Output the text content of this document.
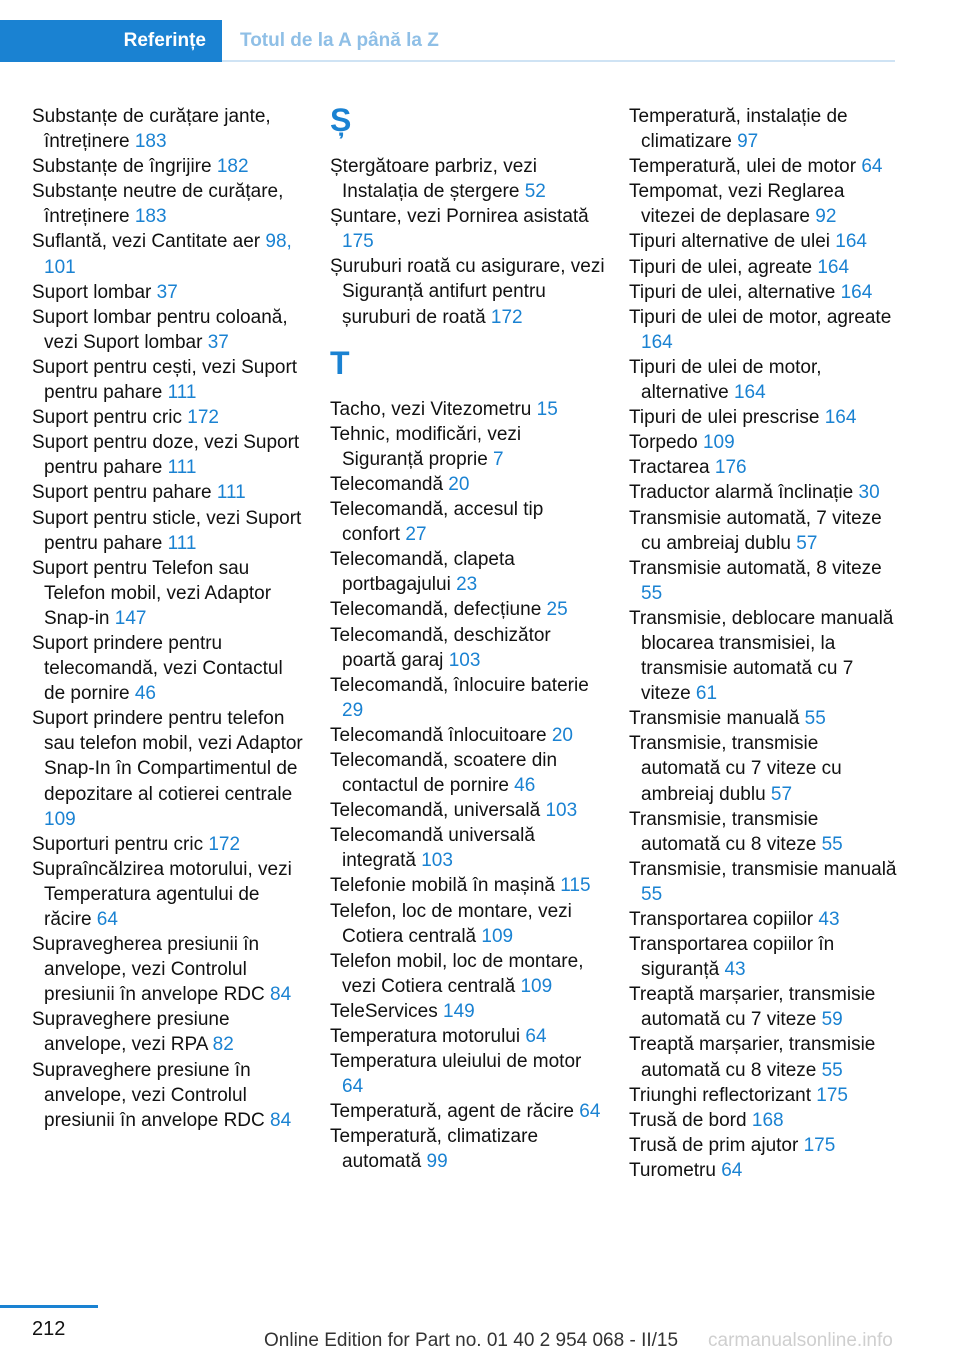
Referințe	Totul de la A până la Z
Substanțe de curățare jante, întreținere 183
Substanțe de îngrijire 182
Substanțe neutre de curățare, întreținere 183
Suflantă, vezi Cantitate aer 98, 101
Suport lombar 37
Suport lombar pentru coloană, vezi Suport lombar 37
Suport pentru cești, vezi Suport pentru pahare 111
Suport pentru cric 172
Suport pentru doze, vezi Suport pentru pahare 111
Suport pentru pahare 111
Suport pentru sticle, vezi Suport pentru pahare 111
Suport pentru Telefon sau Telefon mobil, vezi Adaptor Snap-in 147
Suport prindere pentru telecomandă, vezi Contactul de pornire 46
Suport prindere pentru telefon sau telefon mobil, vezi Adaptor Snap-In în Compartimentul de depozitare al cotierei centrale 109
Suporturi pentru cric 172
Supraîncălzirea motorului, vezi Temperatura agentului de răcire 64
Supravegherea presiunii în anvelope, vezi Controlul presiunii în anvelope RDC 84
Supraveghere presiune anvelope, vezi RPA 82
Supraveghere presiune în anvelope, vezi Controlul presiunii în anvelope RDC 84
Ș
Ștergătoare parbriz, vezi Instalația de ștergere 52
Șuntare, vezi Pornirea asistată 175
Șuruburi roată cu asigurare, vezi Siguranță antifurt pentru șuruburi de roată 172
T
Tacho, vezi Vitezometru 15
Tehnic, modificări, vezi Siguranță proprie 7
Telecomandă 20
Telecomandă, accesul tip confort 27
Telecomandă, clapeta portbagajului 23
Telecomandă, defecțiune 25
Telecomandă, deschizător poartă garaj 103
Telecomandă, înlocuire baterie 29
Telecomandă înlocuitoare 20
Telecomandă, scoatere din contactul de pornire 46
Telecomandă, universală 103
Telecomandă universală integrată 103
Telefonie mobilă în mașină 115
Telefon, loc de montare, vezi Cotiera centrală 109
Telefon mobil, loc de montare, vezi Cotiera centrală 109
TeleServices 149
Temperatura motorului 64
Temperatura uleiului de motor 64
Temperatură, agent de răcire 64
Temperatură, climatizare automată 99
Temperatură, instalație de climatizare 97
Temperatură, ulei de motor 64
Tempomat, vezi Reglarea vitezei de deplasare 92
Tipuri alternative de ulei 164
Tipuri de ulei, agreate 164
Tipuri de ulei, alternative 164
Tipuri de ulei de motor, agreate 164
Tipuri de ulei de motor, alternative 164
Tipuri de ulei prescrise 164
Torpedo 109
Tractarea 176
Traductor alarmă înclinație 30
Transmisie automată, 7 viteze cu ambreiaj dublu 57
Transmisie automată, 8 viteze 55
Transmisie, deblocare manuală blocarea transmisiei, la transmisie automată cu 7 viteze 61
Transmisie manuală 55
Transmisie, transmisie automată cu 7 viteze cu ambreiaj dublu 57
Transmisie, transmisie automată cu 8 viteze 55
Transmisie, transmisie manuală 55
Transportarea copiilor 43
Transportarea copiilor în siguranță 43
Treaptă marșarier, transmisie automată cu 7 viteze 59
Treaptă marșarier, transmisie automată cu 8 viteze 55
Triunghi reflectorizant 175
Trusă de bord 168
Trusă de prim ajutor 175
Turometru 64
212
Online Edition for Part no. 01 40 2 954 068 - II/15 carmanualsonline.info
